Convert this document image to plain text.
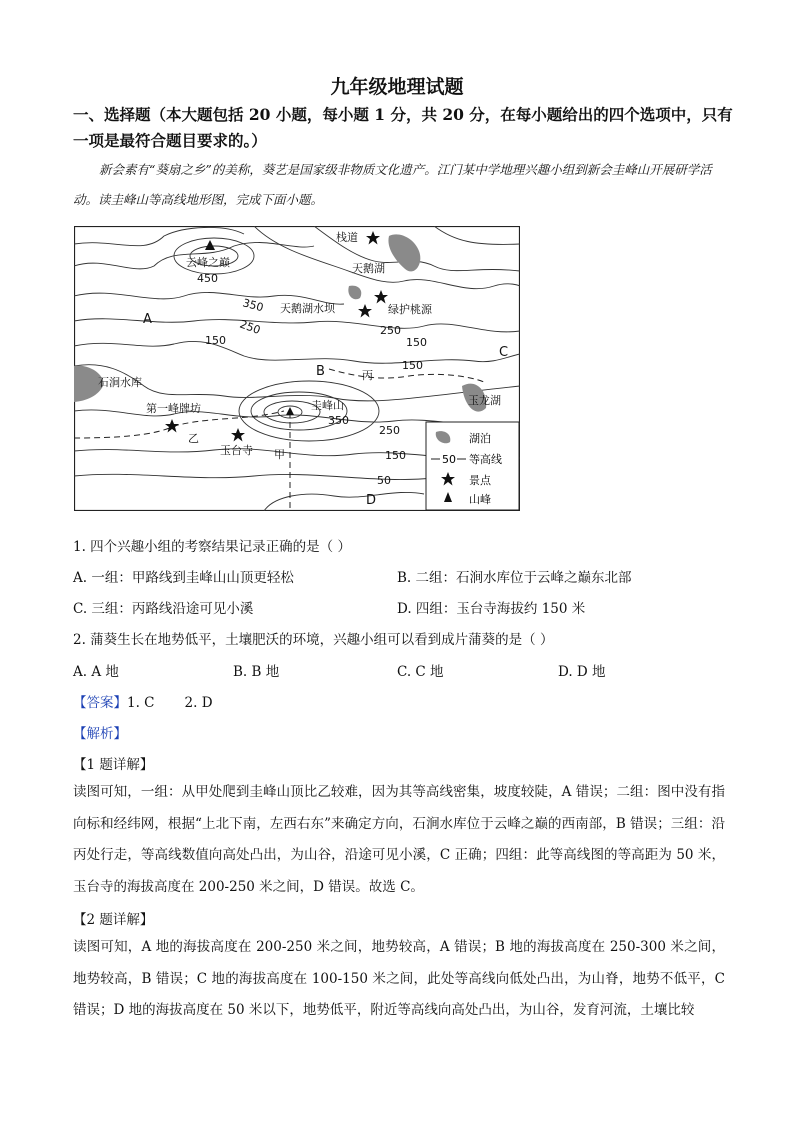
九年级地理试题
一、选择题（本大题包括 20 小题，每小题 1 分，共 20 分，在每小题给出的四个选项中，只有一项是最符合题目要求的。）
新会素有“葵扇之乡”的美称，葵艺是国家级非物质文化遗产。江门某中学地理兴趣小组到新会圭峰山开展研学活动。读圭峰山等高线地形图，完成下面小题。
栈道
天鹅湖
云峰之巅
天鹅湖水坝	绿护桃源
石涧水库
第一峰牌坊	圭峰山
玉台寺
玉龙湖
A
B
C
D
甲
乙
丙
450
350
250
150	150
250
150
350
250
150
50
湖泊
50 等高线
景点
山峰
1. 四个兴趣小组的考察结果记录正确的是（ ）
A. 一组：甲路线到圭峰山山顶更轻松	B. 二组：石涧水库位于云峰之巅东北部
C. 三组：丙路线沿途可见小溪	D. 四组：玉台寺海拔约 150 米
2. 蒲葵生长在地势低平，土壤肥沃的环境，兴趣小组可以看到成片蒲葵的是（ ）
A. A 地	B. B 地	C. C 地	D. D 地
【答案】1. C       2. D
【解析】
【1 题详解】
读图可知，一组：从甲处爬到圭峰山顶比乙较难，因为其等高线密集，坡度较陡，A 错误；二组：图中没有指向标和经纬网，根据“上北下南，左西右东”来确定方向，石涧水库位于云峰之巅的西南部，B 错误；三组：沿丙处行走，等高线数值向高处凸出，为山谷，沿途可见小溪，C 正确；四组：此等高线图的等高距为 50 米，玉台寺的海拔高度在 200-250 米之间，D 错误。故选 C。
【2 题详解】
读图可知，A 地的海拔高度在 200-250 米之间，地势较高，A 错误；B 地的海拔高度在 250-300 米之间，地势较高，B 错误；C 地的海拔高度在 100-150 米之间，此处等高线向低处凸出，为山脊，地势不低平，C 错误；D 地的海拔高度在 50 米以下，地势低平，附近等高线向高处凸出，为山谷，发育河流，土壤比较
